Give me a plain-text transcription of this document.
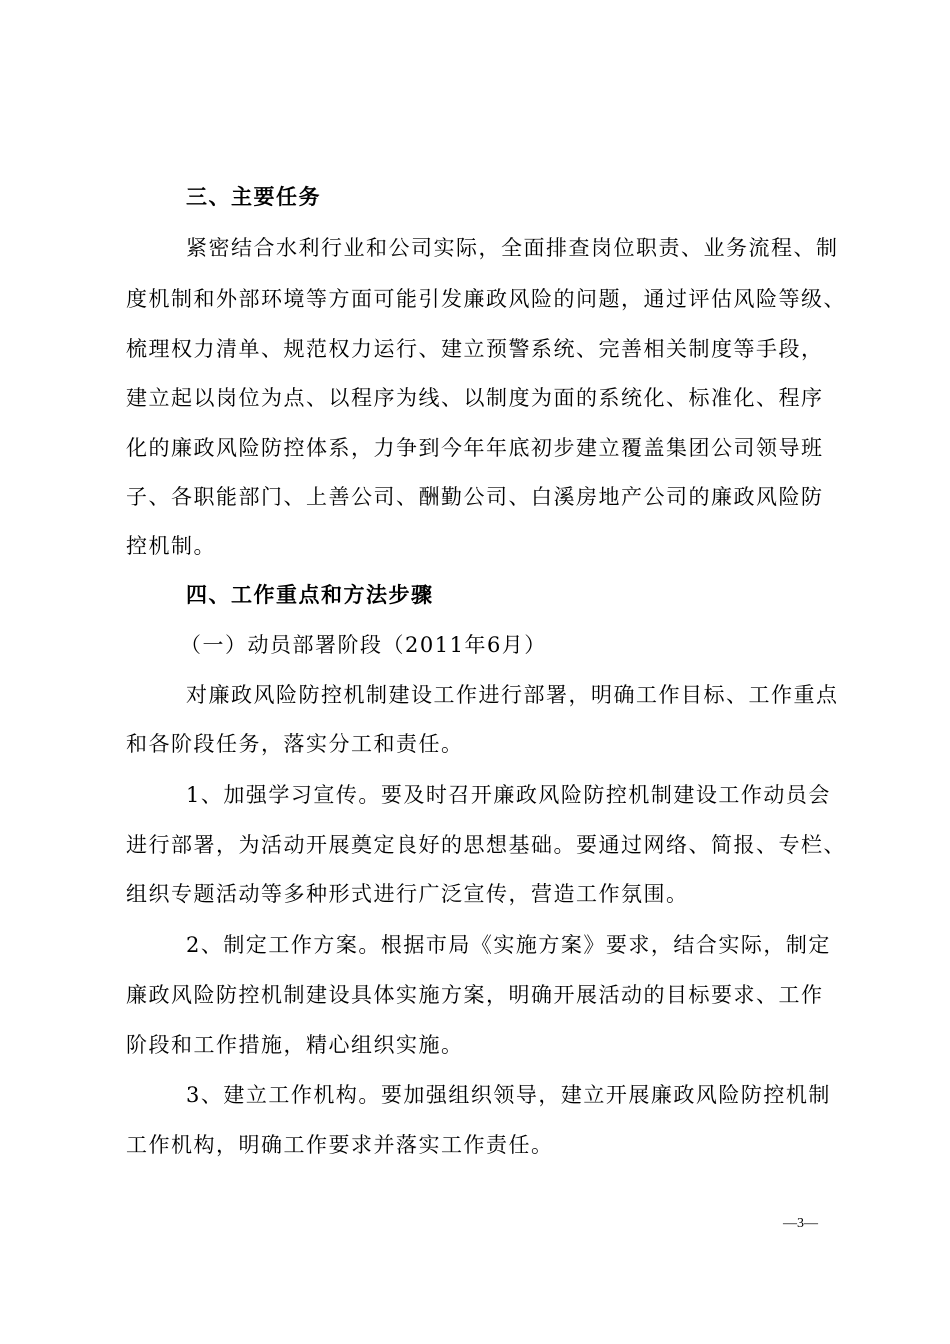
三、主要任务
紧密结合水利行业和公司实际，全面排查岗位职责、业务流程、制
度机制和外部环境等方面可能引发廉政风险的问题，通过评估风险等级、
梳理权力清单、规范权力运行、建立预警系统、完善相关制度等手段，
建立起以岗位为点、以程序为线、以制度为面的系统化、标准化、程序
化的廉政风险防控体系，力争到今年年底初步建立覆盖集团公司领导班
子、各职能部门、上善公司、酬勤公司、白溪房地产公司的廉政风险防
控机制。
四、工作重点和方法步骤
（一）动员部署阶段（2011年6月）
对廉政风险防控机制建设工作进行部署，明确工作目标、工作重点
和各阶段任务，落实分工和责任。
1、加强学习宣传。要及时召开廉政风险防控机制建设工作动员会
进行部署，为活动开展奠定良好的思想基础。要通过网络、简报、专栏、
组织专题活动等多种形式进行广泛宣传，营造工作氛围。
2、制定工作方案。根据市局《实施方案》要求，结合实际，制定
廉政风险防控机制建设具体实施方案，明确开展活动的目标要求、工作
阶段和工作措施，精心组织实施。
3、建立工作机构。要加强组织领导，建立开展廉政风险防控机制
工作机构，明确工作要求并落实工作责任。
—3—
